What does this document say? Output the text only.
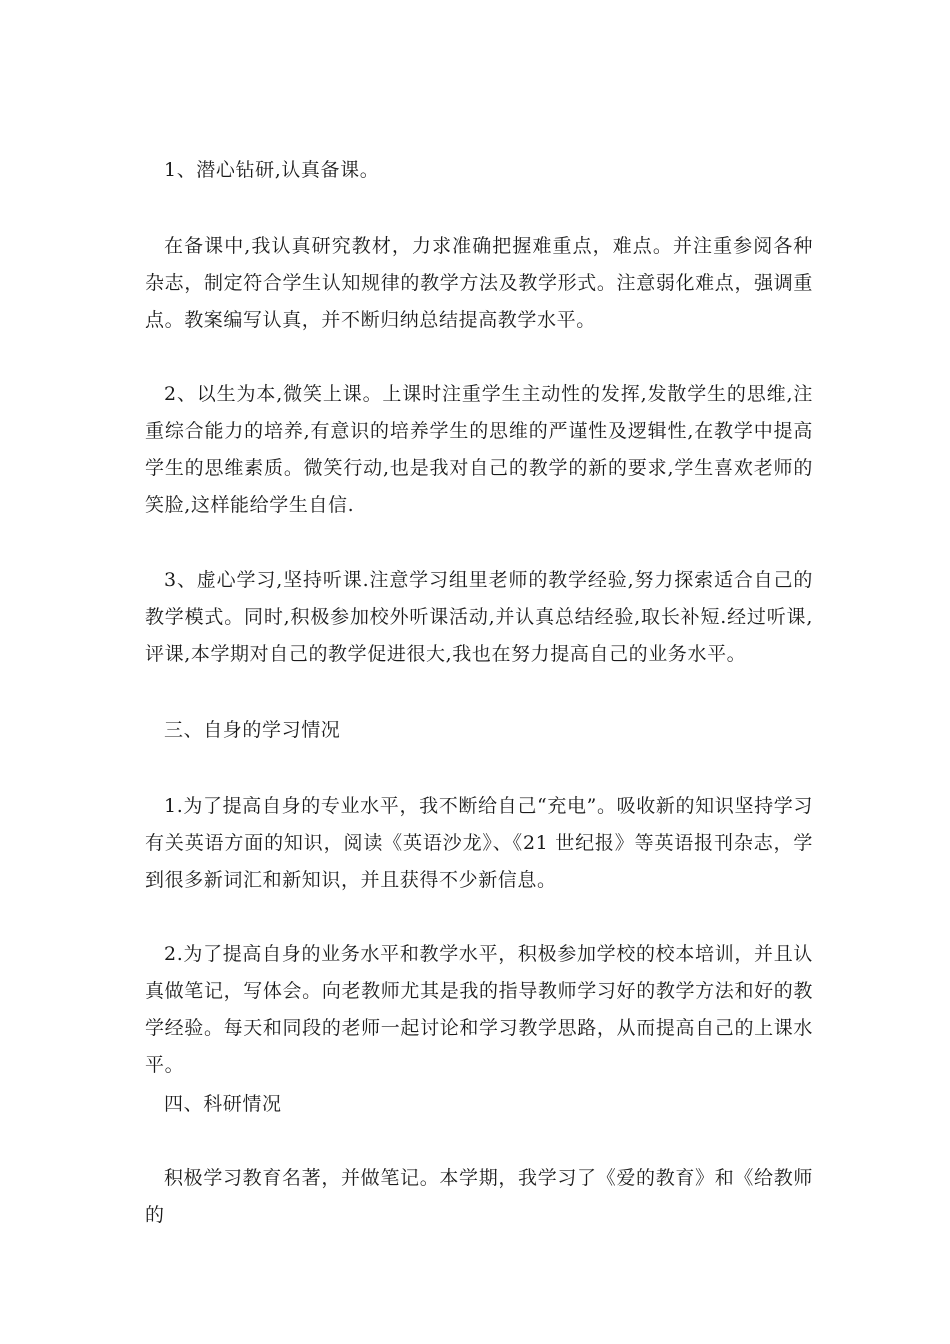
1、潜心钻研,认真备课。

在备课中,我认真研究教材，力求准确把握难重点，难点。并注重参阅各种杂志，制定符合学生认知规律的教学方法及教学形式。注意弱化难点，强调重点。教案编写认真，并不断归纳总结提高教学水平。

2、以生为本,微笑上课。上课时注重学生主动性的发挥,发散学生的思维,注重综合能力的培养,有意识的培养学生的思维的严谨性及逻辑性,在教学中提高学生的思维素质。微笑行动,也是我对自己的教学的新的要求,学生喜欢老师的笑脸,这样能给学生自信.

3、虚心学习,坚持听课.注意学习组里老师的教学经验,努力探索适合自己的教学模式。同时,积极参加校外听课活动,并认真总结经验,取长补短.经过听课,评课,本学期对自己的教学促进很大,我也在努力提高自己的业务水平。

三、自身的学习情况

1.为了提高自身的专业水平，我不断给自己“充电”。吸收新的知识坚持学习有关英语方面的知识，阅读《英语沙龙》、《21 世纪报》等英语报刊杂志，学到很多新词汇和新知识，并且获得不少新信息。

2.为了提高自身的业务水平和教学水平，积极参加学校的校本培训，并且认真做笔记，写体会。向老教师尤其是我的指导教师学习好的教学方法和好的教学经验。每天和同段的老师一起讨论和学习教学思路，从而提高自己的上课水平。

四、科研情况

积极学习教育名著，并做笔记。本学期，我学习了《爱的教育》和《给教师的
